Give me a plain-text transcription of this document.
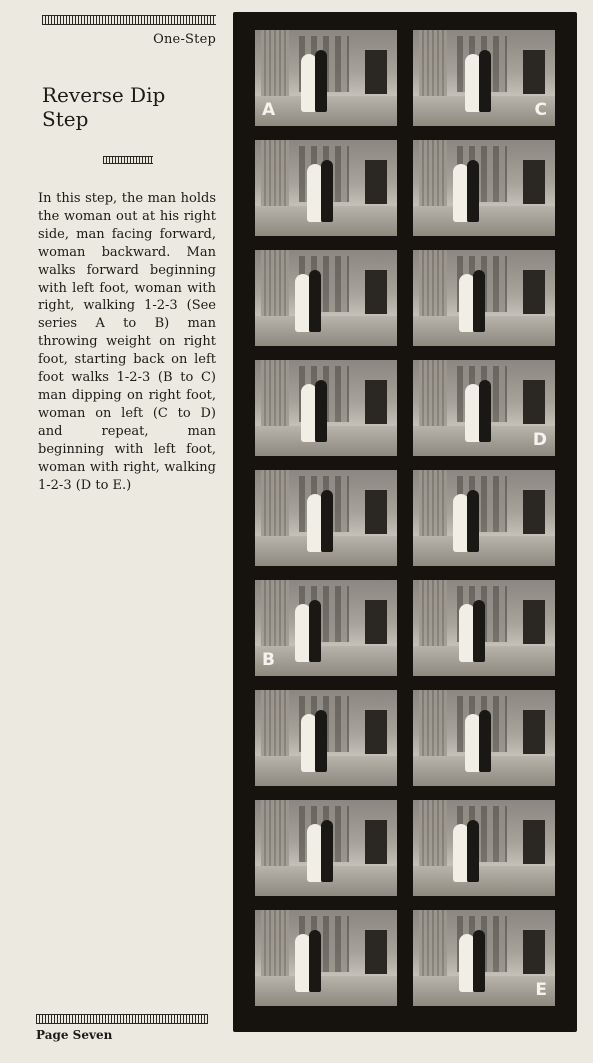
One-Step
Reverse Dip
Step

In this step, the man holds the woman out at his right side, man facing forward, woman backward. Man walks forward beginning with left foot, woman with right, walking 1-2-3 (See series A to B) man throwing weight on right foot, starting back on left foot walks 1-2-3 (B to C) man dipping on right foot, woman on left (C to D) and repeat, man beginning with left foot, woman with right, walking 1-2-3 (D to E.)

Page Seven
A	C
D
B
E
